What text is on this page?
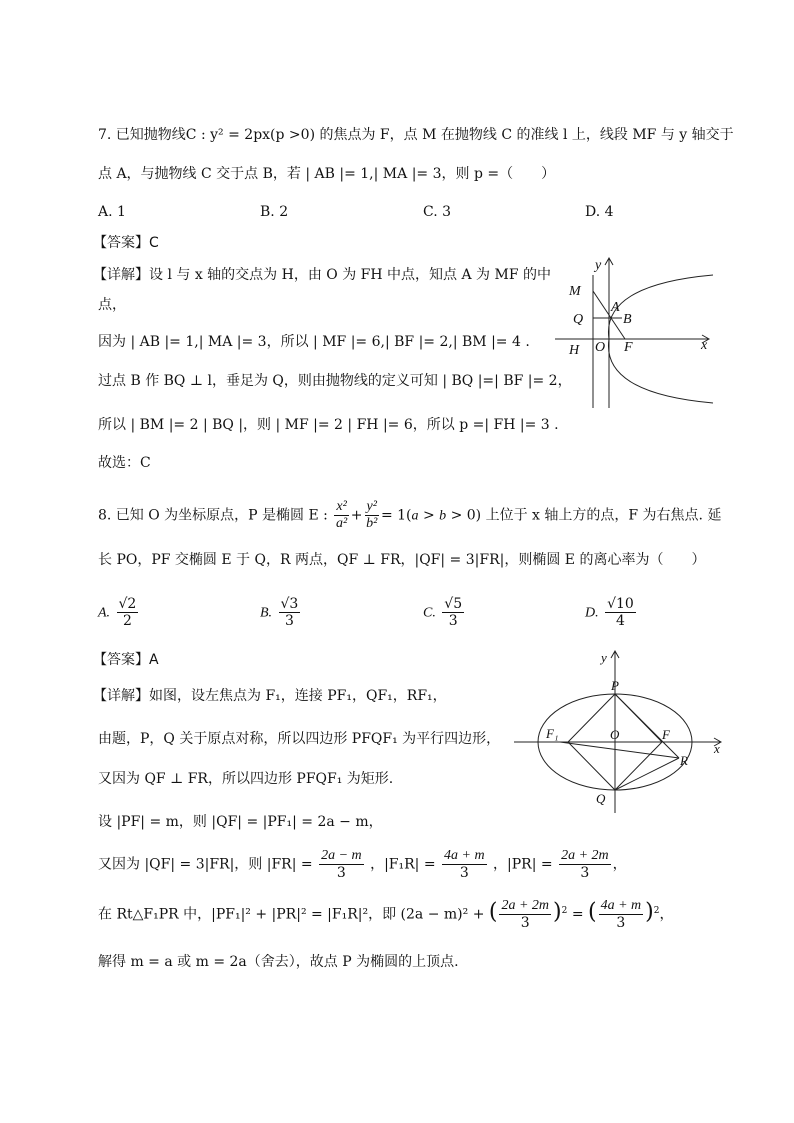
7. 已知抛物线C : y² = 2px(p >0) 的焦点为 F，点 M 在抛物线 C 的准线 l 上，线段 MF 与 y 轴交于
点 A，与抛物线 C 交于点 B，若 | AB |= 1,| MA |= 3，则 p =（　　）
A. 1	B. 2	C. 3	D. 4
【答案】C
【详解】设 l 与 x 轴的交点为 H，由 O 为 FH 中点，知点 A 为 MF 的中
点，
因为 | AB |= 1,| MA |= 3，所以 | MF |= 6,| BF |= 2,| BM |= 4 .
过点 B 作 BQ ⊥ l，垂足为 Q，则由抛物线的定义可知 | BQ |=| BF |= 2，
所以 | BM |= 2 | BQ |，则 | MF |= 2 | FH |= 6，所以 p =| FH |= 3 .
故选：C
y
x
M
A
Q	B
H O F
8. 已知 O 为坐标原点，P 是椭圆 E : $\frac{\text{x²}}{\text{a²}} + \frac{\text{y²}}{\text{b²}} = 1(a > b > 0)$ 上位于 x 轴上方的点，F 为右焦点. 延
长 PO，PF 交椭圆 E 于 Q，R 两点，QF ⊥ FR，|QF| = 3|FR|，则椭圆 E 的离心率为（　　）
A. $\frac{√2}{2}$	B. $\frac{√3}{3}$	C. $\frac{√5}{3}$	D. $\frac{√10}{4}$
【答案】A
【详解】如图，设左焦点为 F₁，连接 PF₁，QF₁，RF₁，
由题，P，Q 关于原点对称，所以四边形 PFQF₁ 为平行四边形，
又因为 QF ⊥ FR，所以四边形 PFQF₁ 为矩形.
设 |PF| = m，则 |QF| = |PF₁| = 2a − m，
又因为 |QF| = 3|FR|，则 $|FR| = \frac{2a - m}{3}$ ，$|F_1R| = \frac{4a + m}{3}$ ，$|PR| = \frac{2a + 2m}{3}$ ，
在 Rt△F₁PR 中，|PF₁|² + |PR|² = |F₁R|²，即 (2a − m)² + ( $\frac{2a + 2m}{3} )^2$ = ( $\frac{4a + m}{3} )^2$，
解得 m = a 或 m = 2a（舍去），故点 P 为椭圆的上顶点.
y
x
P
F₁	O	F
R
Q
